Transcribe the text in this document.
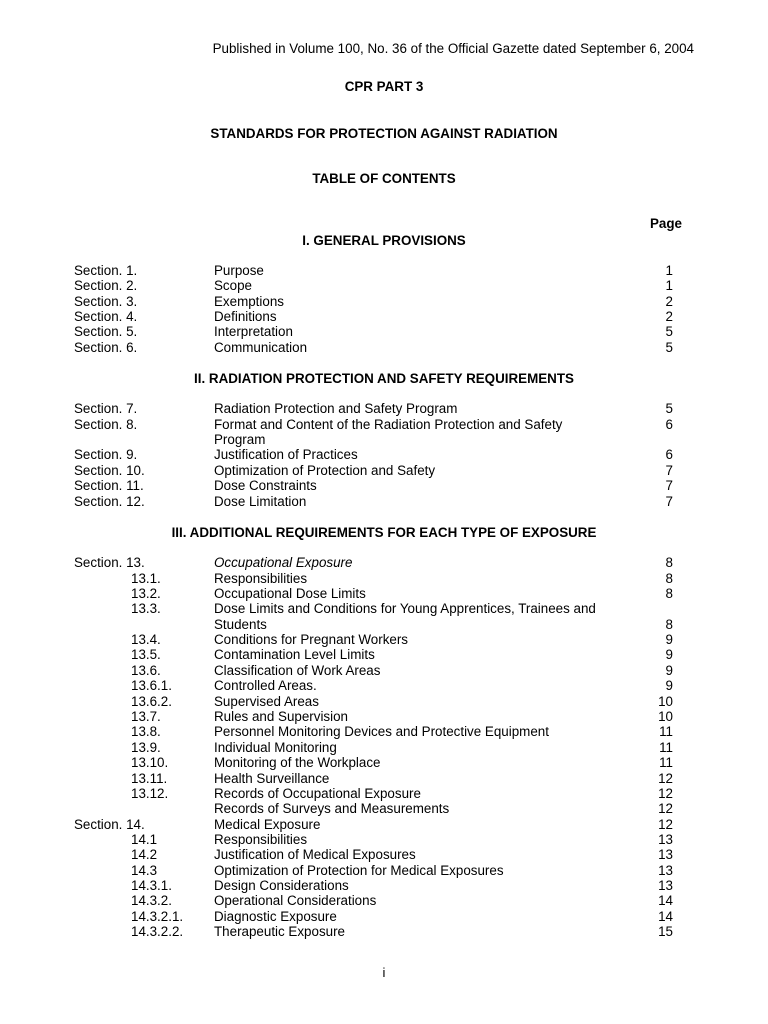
Published in Volume 100, No. 36 of the Official Gazette dated September 6, 2004
CPR PART 3
STANDARDS FOR PROTECTION AGAINST RADIATION
TABLE OF CONTENTS
Page
I. GENERAL PROVISIONS
II. RADIATION PROTECTION AND SAFETY REQUIREMENTS
III. ADDITIONAL REQUIREMENTS FOR EACH TYPE OF EXPOSURE
Section. 1.	Purpose	1
Section. 2.	Scope	1
Section. 3.	Exemptions	2
Section. 4.	Definitions	2
Section. 5.	Interpretation	5
Section. 6.	Communication	5
Section. 7.	Radiation Protection and Safety Program	5
Section. 8.	Format and Content of the Radiation Protection and Safety	6
Program
Section. 9.	Justification of Practices	6
Section. 10.	Optimization of Protection and Safety	7
Section. 11.	Dose Constraints	7
Section. 12.	Dose Limitation	7
Section. 13.	Occupational Exposure	8
13.1.	Responsibilities	8
13.2.	Occupational Dose Limits	8
13.3.	Dose Limits and Conditions for Young Apprentices, Trainees and
Students	8
13.4.	Conditions for Pregnant Workers	9
13.5.	Contamination Level Limits	9
13.6.	Classification of Work Areas	9
13.6.1.	Controlled Areas.	9
13.6.2.	Supervised Areas	10
13.7.	Rules and Supervision	10
13.8.	Personnel Monitoring Devices and Protective Equipment	11
13.9.	Individual Monitoring	11
13.10.	Monitoring of the Workplace	11
13.11.	Health Surveillance	12
13.12.	Records of Occupational Exposure	12
Records of Surveys and Measurements	12
Section. 14.	Medical Exposure	12
14.1	Responsibilities	13
14.2	Justification of Medical Exposures	13
14.3	Optimization of Protection for Medical Exposures	13
14.3.1.	Design Considerations	13
14.3.2.	Operational Considerations	14
14.3.2.1. Diagnostic Exposure	14
14.3.2.2. Therapeutic Exposure	15
i
